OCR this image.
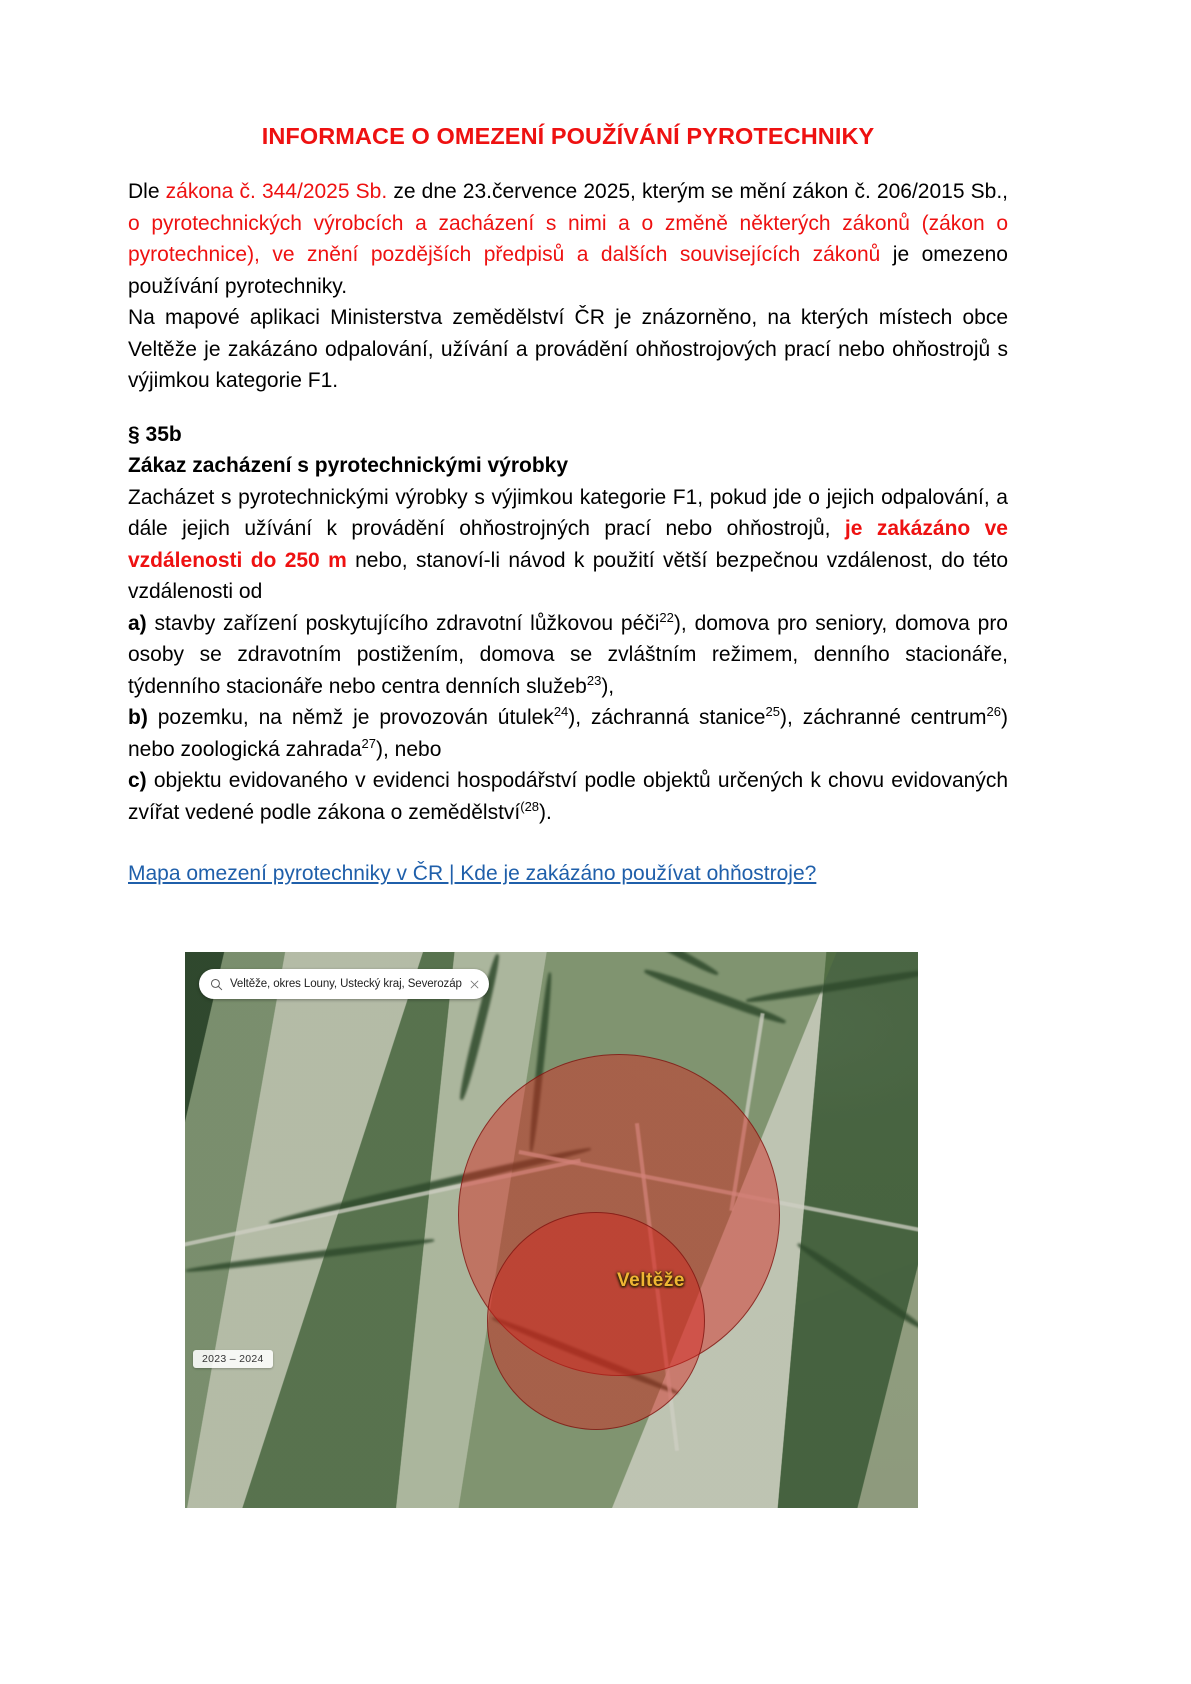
INFORMACE O OMEZENÍ POUŽÍVÁNÍ PYROTECHNIKY

Dle zákona č. 344/2025 Sb. ze dne 23.července 2025, kterým se mění zákon č. 206/2015 Sb., o pyrotechnických výrobcích a zacházení s nimi a o změně některých zákonů (zákon o pyrotechnice), ve znění pozdějších předpisů a dalších souvisejících zákonů je omezeno používání pyrotechniky.

Na mapové aplikaci Ministerstva zemědělství ČR je znázorněno, na kterých místech obce Veltěže je zakázáno odpalování, užívání a provádění ohňostrojových prací nebo ohňostrojů s výjimkou kategorie F1.

§ 35b

Zákaz zacházení s pyrotechnickými výrobky

Zacházet s pyrotechnickými výrobky s výjimkou kategorie F1, pokud jde o jejich odpalování, a dále jejich užívání k provádění ohňostrojných prací nebo ohňostrojů, je zakázáno ve vzdálenosti do 250 m nebo, stanoví-li návod k použití větší bezpečnou vzdálenost, do této vzdálenosti od

a) stavby zařízení poskytujícího zdravotní lůžkovou péči$^{22}$), domova pro seniory, domova pro osoby se zdravotním postižením, domova se zvláštním režimem, denního stacionáře, týdenního stacionáře nebo centra denních služeb$^{23}$),

b) pozemku, na němž je provozován útulek$^{24}$), záchranná stanice$^{25}$), záchranné centrum$^{26}$) nebo zoologická zahrada$^{27}$), nebo

c) objektu evidovaného v evidenci hospodářství podle objektů určených k chovu evidovaných zvířat vedené podle zákona o zemědělství$^{(28}$).

Mapa omezení pyrotechniky v ČR | Kde je zakázáno používat ohňostroje?
Veltěže
Veltěže, okres Louny, Ústecký kraj, Severozáp
2023 – 2024
